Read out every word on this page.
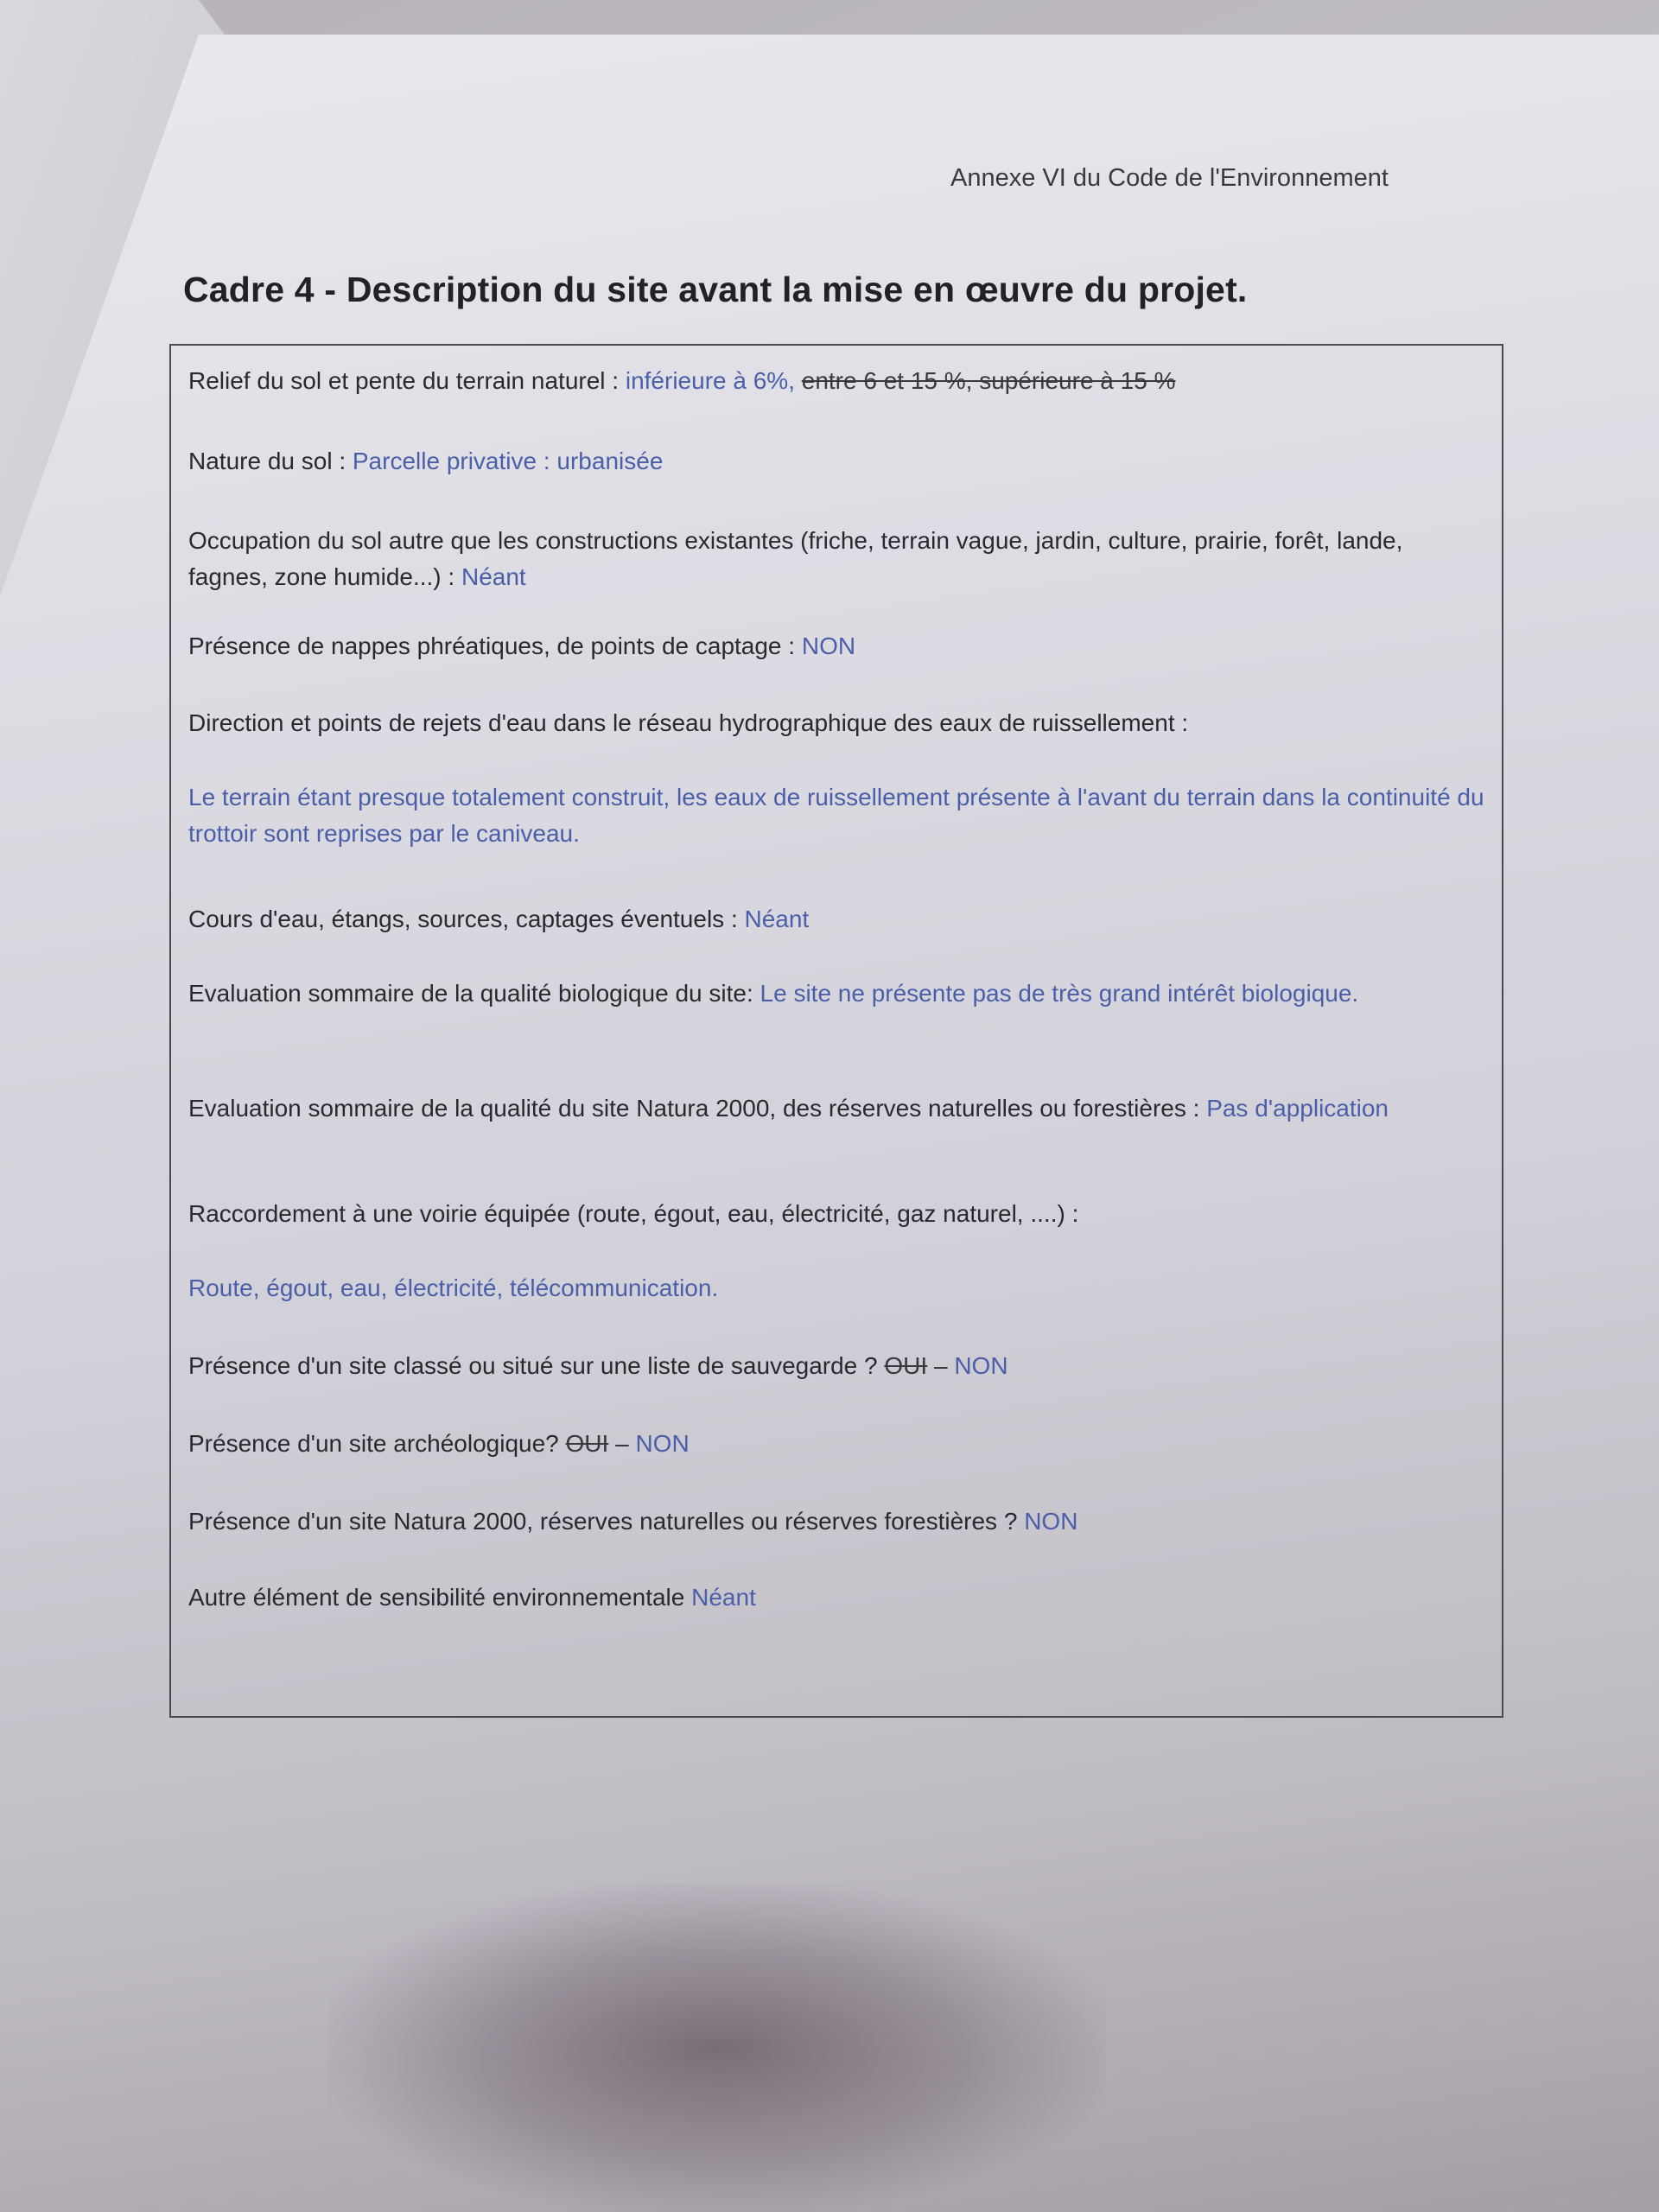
Annexe VI du Code de l'Environnement
Cadre 4 - Description du site avant la mise en œuvre du projet.
Relief du sol et pente du terrain naturel : inférieure à 6%, entre 6 et 15 %, supérieure à 15 %
Nature du sol : Parcelle privative : urbanisée
Occupation du sol autre que les constructions existantes (friche, terrain vague, jardin, culture, prairie, forêt, lande, fagnes, zone humide...) : Néant
Présence de nappes phréatiques, de points de captage : NON
Direction et points de rejets d'eau dans le réseau hydrographique des eaux de ruissellement :
Le terrain étant presque totalement construit, les eaux de ruissellement présente à l'avant du terrain dans la continuité du trottoir sont reprises par le caniveau.
Cours d'eau, étangs, sources, captages éventuels : Néant
Evaluation sommaire de la qualité biologique du site: Le site ne présente pas de très grand intérêt biologique.
Evaluation sommaire de la qualité du site Natura 2000, des réserves naturelles ou forestières : Pas d'application
Raccordement à une voirie équipée (route, égout, eau, électricité, gaz naturel, ....) :
Route, égout, eau, électricité, télécommunication.
Présence d'un site classé ou situé sur une liste de sauvegarde ? OUI – NON
Présence d'un site archéologique? OUI – NON
Présence d'un site Natura 2000, réserves naturelles ou réserves forestières ? NON
Autre élément de sensibilité environnementale Néant
